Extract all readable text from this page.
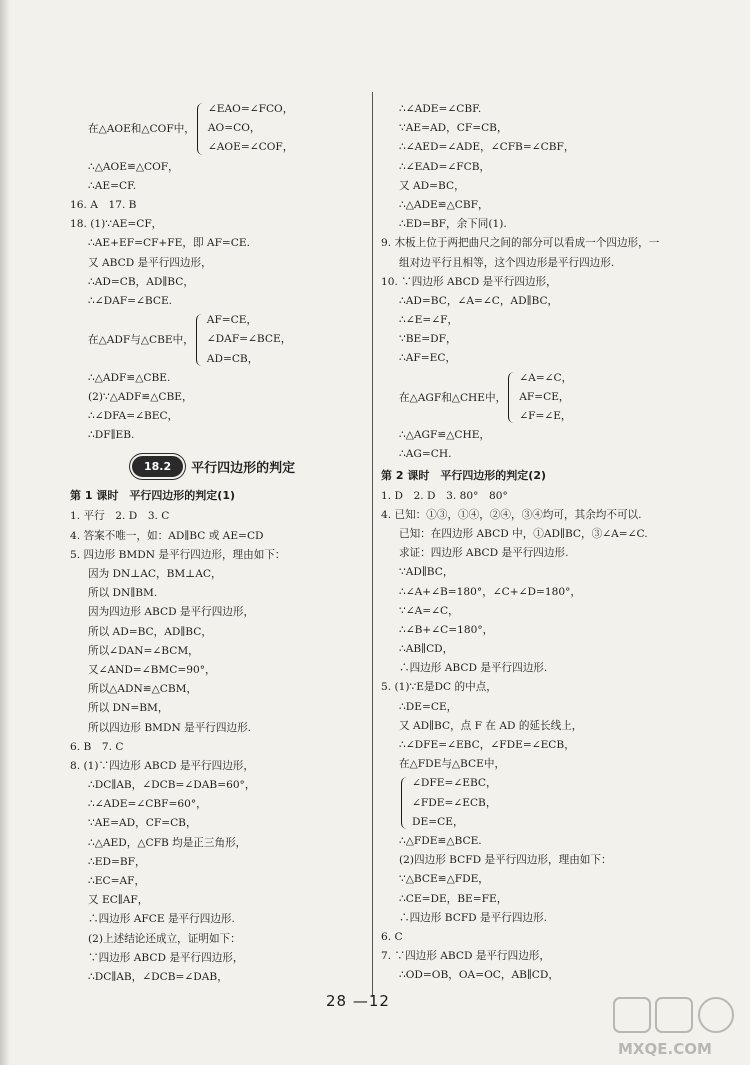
在△AOE和△COF中，
∠EAO=∠FCO，
AO=CO，
∠AOE=∠COF，
∴△AOE≌△COF，
∴AE=CF.
16. A　17. B
18. (1)∵AE=CF，
∴AE+EF=CF+FE，即 AF=CE.
又 ABCD 是平行四边形，
∴AD=CB，AD∥BC，
∴∠DAF=∠BCE.
在△ADF与△CBE中，
AF=CE，
∠DAF=∠BCE，
AD=CB，
∴△ADF≌△CBE.
(2)∵△ADF≌△CBE，
∴∠DFA=∠BEC，
∴DF∥EB.
18.2	平行四边形的判定
第 1 课时　平行四边形的判定(1)
1. 平行　2. D　3. C
4. 答案不唯一，如：AD∥BC 或 AE=CD
5. 四边形 BMDN 是平行四边形，理由如下：
因为 DN⊥AC，BM⊥AC，
所以 DN∥BM.
因为四边形 ABCD 是平行四边形，
所以 AD=BC，AD∥BC，
所以∠DAN=∠BCM，
又∠AND=∠BMC=90°，
所以△ADN≌△CBM，
所以 DN=BM，
所以四边形 BMDN 是平行四边形.
6. B　7. C
8. (1)∵四边形 ABCD 是平行四边形，
∴DC∥AB，∠DCB=∠DAB=60°，
∴∠ADE=∠CBF=60°，
∵AE=AD，CF=CB，
∴△AED，△CFB 均是正三角形，
∴ED=BF，
∴EC=AF，
又 EC∥AF，
∴四边形 AFCE 是平行四边形.
(2)上述结论还成立，证明如下：
∵四边形 ABCD 是平行四边形，
∴DC∥AB，∠DCB=∠DAB，
∴∠ADE=∠CBF.
∵AE=AD，CF=CB，
∴∠AED=∠ADE，∠CFB=∠CBF，
∴∠EAD=∠FCB，
又 AD=BC，
∴△ADE≌△CBF，
∴ED=BF，余下同(1).
9. 木板上位于两把曲尺之间的部分可以看成一个四边形，一
组对边平行且相等，这个四边形是平行四边形.
10. ∵四边形 ABCD 是平行四边形，
∴AD=BC，∠A=∠C，AD∥BC，
∴∠E=∠F，
∵BE=DF，
∴AF=EC，
在△AGF和△CHE中，
∠A=∠C，
AF=CE，
∠F=∠E，
∴△AGF≌△CHE，
∴AG=CH.
第 2 课时　平行四边形的判定(2)
1. D　2. D　3. 80°　80°
4. 已知：①③，①④，②④，③④均可，其余均不可以.
已知：在四边形 ABCD 中，①AD∥BC，③∠A=∠C.
求证：四边形 ABCD 是平行四边形.
∵AD∥BC，
∴∠A+∠B=180°，∠C+∠D=180°，
∵∠A=∠C，
∴∠B+∠C=180°，
∴AB∥CD，
∴四边形 ABCD 是平行四边形.
5. (1)∵E是DC 的中点，
∴DE=CE，
又 AD∥BC，点 F 在 AD 的延长线上，
∴∠DFE=∠EBC，∠FDE=∠ECB，
在△FDE与△BCE中，
∠DFE=∠EBC，
∠FDE=∠ECB，
DE=CE，
∴△FDE≌△BCE.
(2)四边形 BCFD 是平行四边形，理由如下：
∵△BCE≌△FDE，
∴CE=DE，BE=FE，
∴四边形 BCFD 是平行四边形.
6. C
7. ∵四边形 ABCD 是平行四边形，
∴OD=OB，OA=OC，AB∥CD，
28 —12
MXQE.COM
